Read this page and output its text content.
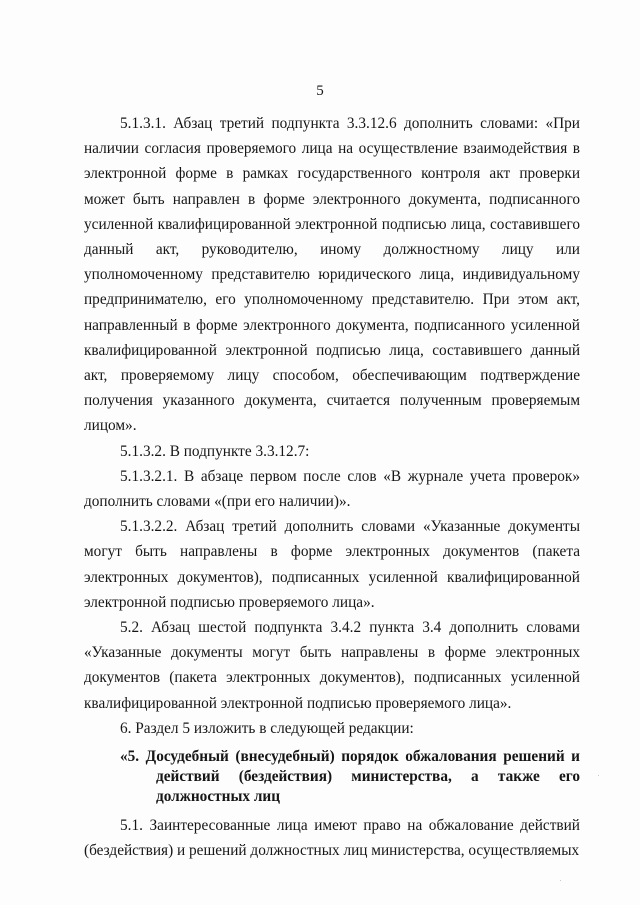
5

5.1.3.1. Абзац третий подпункта 3.3.12.6 дополнить словами: «При наличии согласия проверяемого лица на осуществление взаимодействия в электронной форме в рамках государственного контроля акт проверки может быть направлен в форме электронного документа, подписанного усиленной квалифицированной электронной подписью лица, составившего данный акт, руководителю, иному должностному лицу или уполномоченному представителю юридического лица, индивидуальному предпринимателю, его уполномоченному представителю. При этом акт, направленный в форме электронного документа, подписанного усиленной квалифицированной электронной подписью лица, составившего данный акт, проверяемому лицу способом, обеспечивающим подтверждение получения указанного документа, считается полученным проверяемым лицом».

5.1.3.2. В подпункте 3.3.12.7:

5.1.3.2.1. В абзаце первом после слов «В журнале учета проверок» дополнить словами «(при его наличии)».

5.1.3.2.2. Абзац третий дополнить словами «Указанные документы могут быть направлены в форме электронных документов (пакета электронных документов), подписанных усиленной квалифицированной электронной подписью проверяемого лица».

5.2. Абзац шестой подпункта 3.4.2 пункта 3.4 дополнить словами «Указанные документы могут быть направлены в форме электронных документов (пакета электронных документов), подписанных усиленной квалифицированной электронной подписью проверяемого лица».

6. Раздел 5 изложить в следующей редакции:

«5. Досудебный (внесудебный) порядок обжалования решений и действий (бездействия) министерства, а также его должностных лиц

5.1. Заинтересованные лица имеют право на обжалование действий (бездействия) и решений должностных лиц министерства, осуществляемых
